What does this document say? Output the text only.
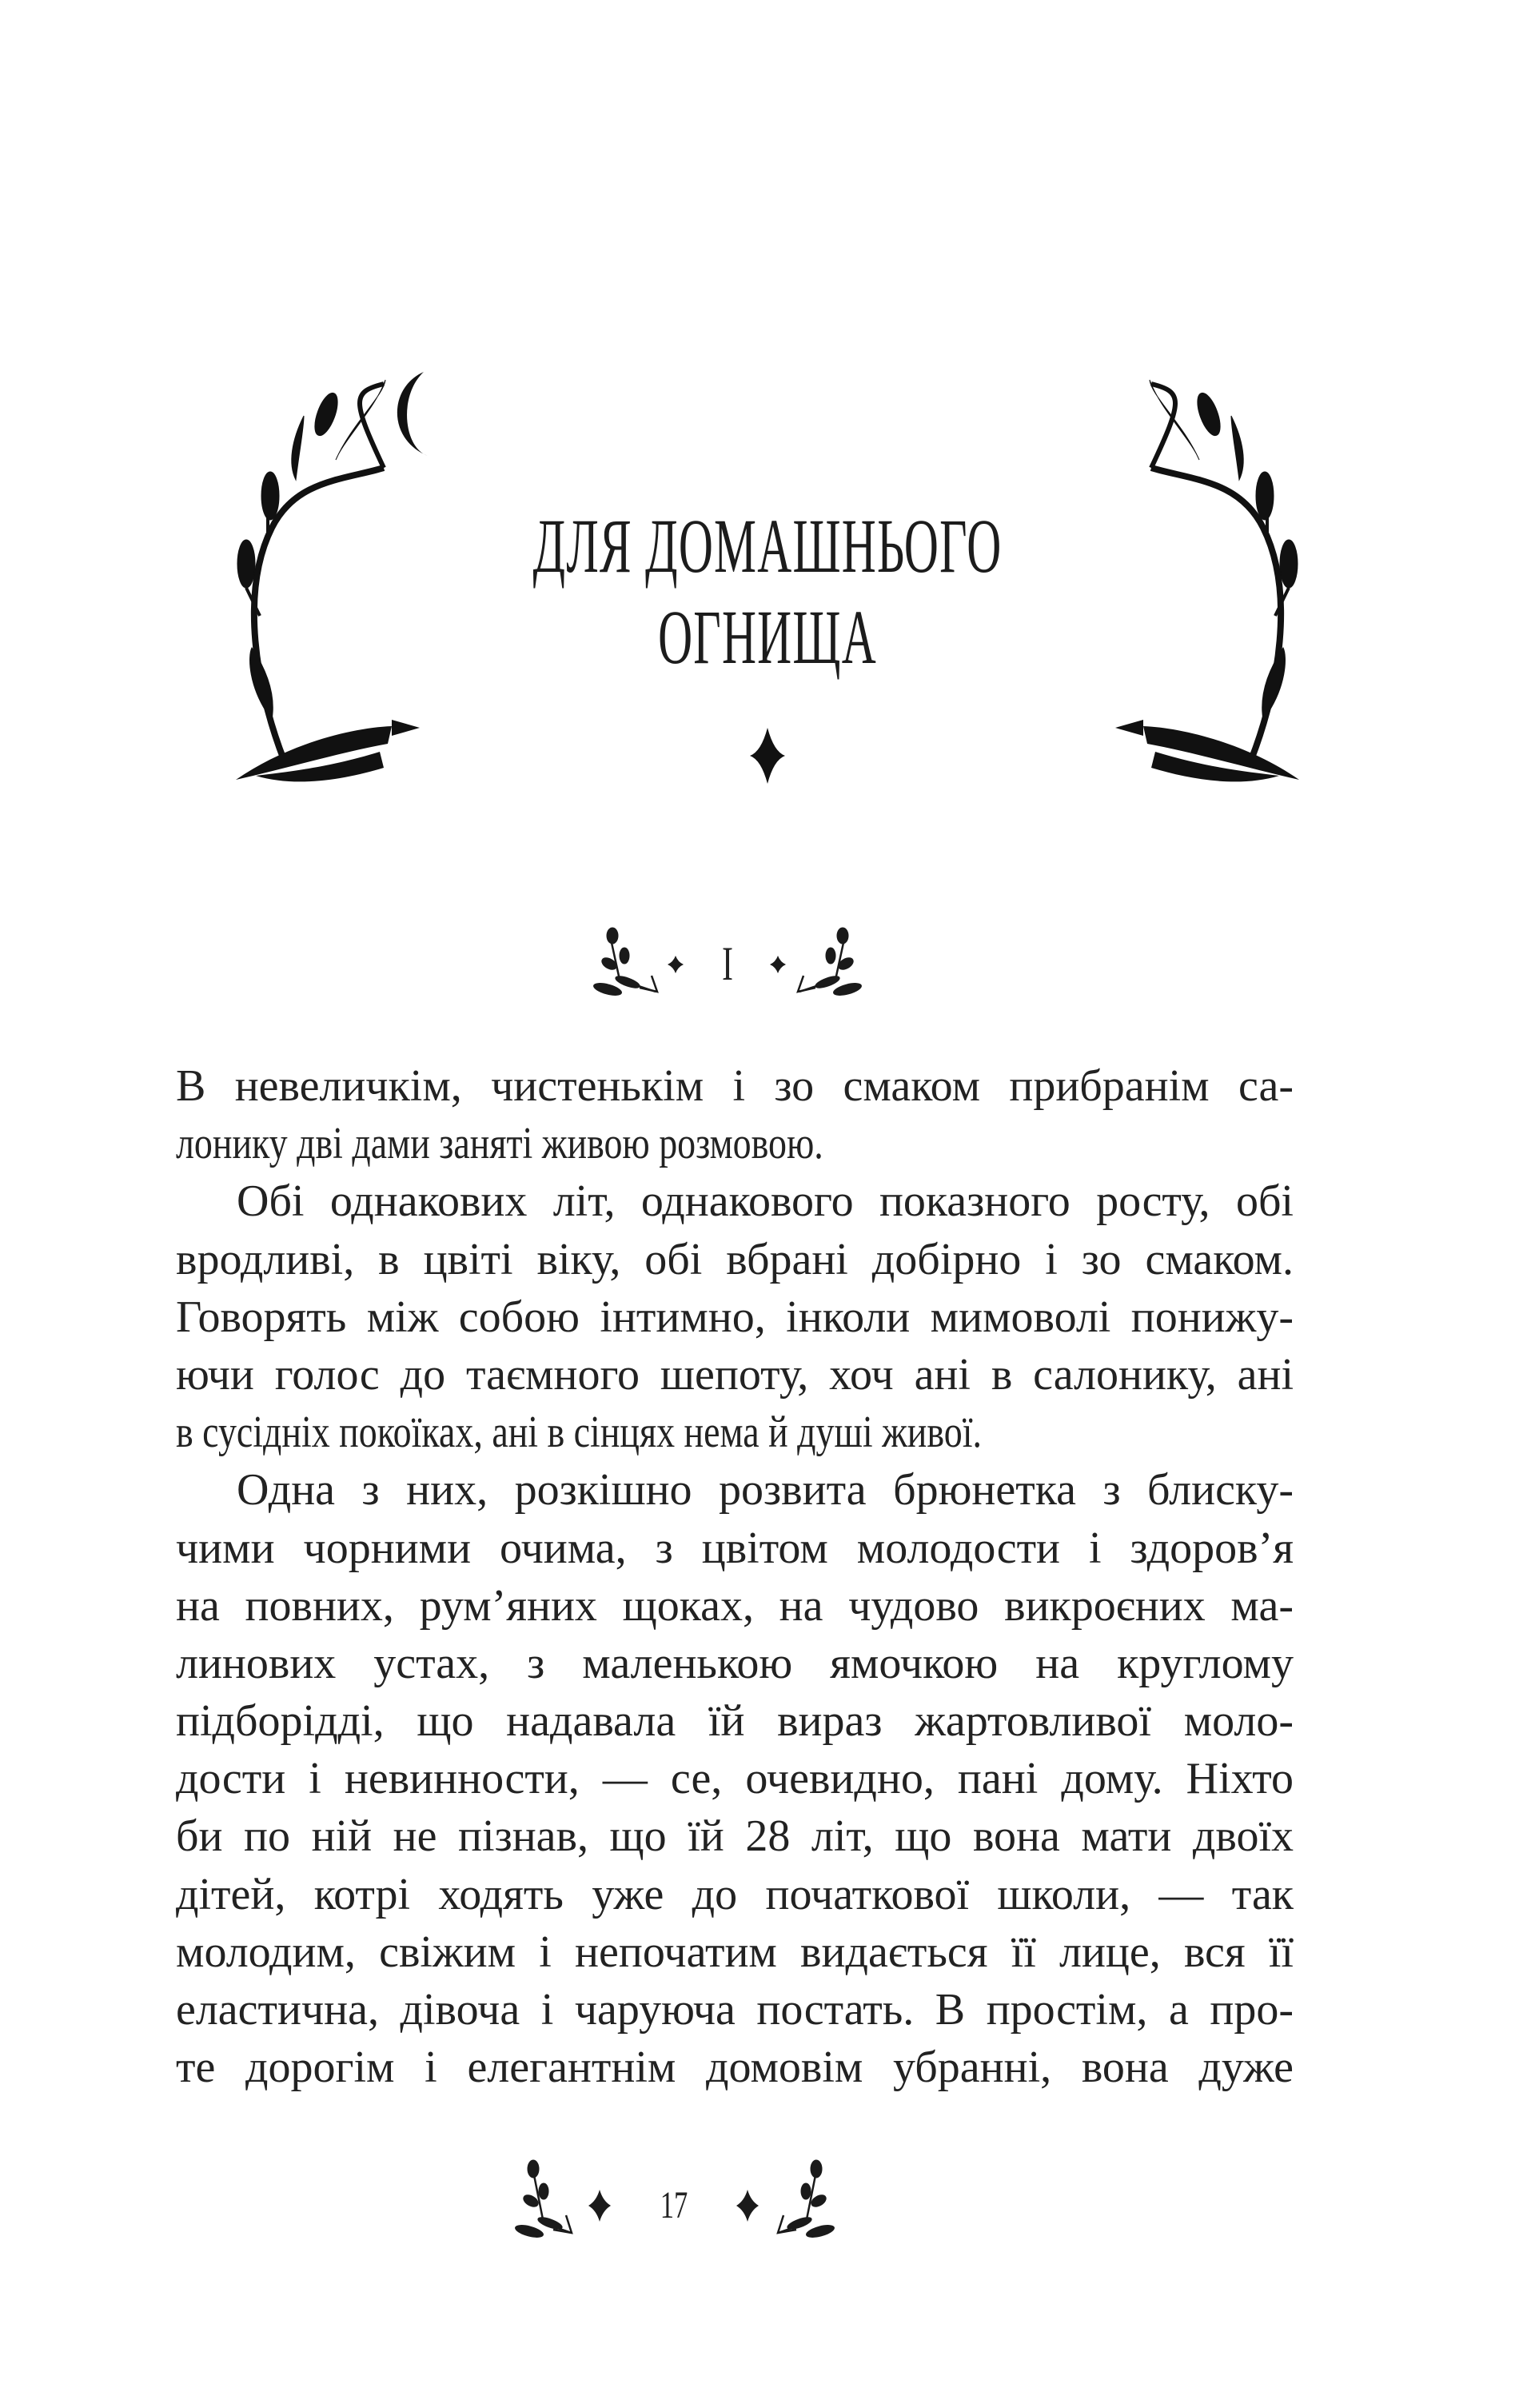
ДЛЯ ДОМАШНЬОГО
ОГНИЩА
I
В невеличкім, чистенькім і зо смаком прибранім са-
лонику дві дами заняті живою розмовою.
Обі однакових літ, однакового показного росту, обі
вродливі, в цвіті віку, обі вбрані добірно і зо смаком.
Говорять між собою інтимно, інколи мимоволі понижу-
ючи голос до таємного шепоту, хоч ані в салонику, ані
в сусідніх покоїках, ані в сінцях нема й душі живої.
Одна з них, розкішно розвита брюнетка з блиску-
чими чорними очима, з цвітом молодости і здоров’я
на повних, рум’яних щоках, на чудово викроєних ма-
линових устах, з маленькою ямочкою на круглому
підборідді, що надавала їй вираз жартовливої моло-
дости і невинности, — се, очевидно, пані дому. Ніхто
би по ній не пізнав, що їй 28 літ, що вона мати двоїх
дітей, котрі ходять уже до початкової школи, — так
молодим, свіжим і непочатим видається її лице, вся її
еластична, дівоча і чаруюча постать. В простім, а про-
те дорогім і елегантнім домовім убранні, вона дуже
17
